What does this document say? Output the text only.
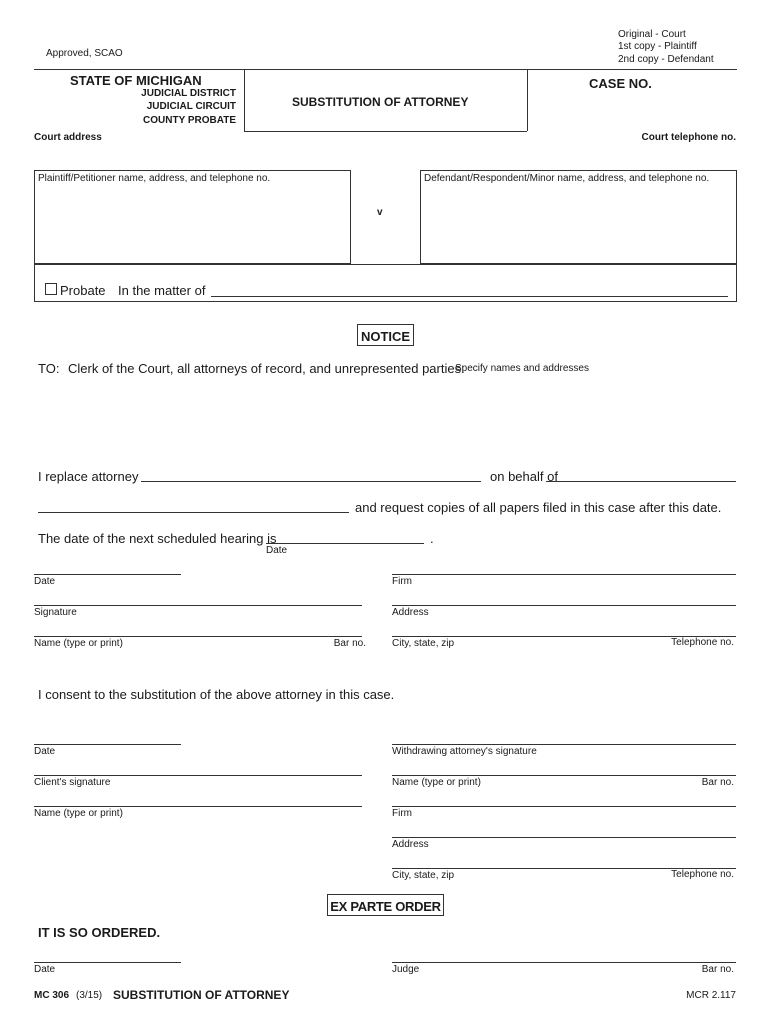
Approved, SCAO
Original - Court
1st copy - Plaintiff
2nd copy - Defendant
STATE OF MICHIGAN
JUDICIAL DISTRICT
JUDICIAL CIRCUIT
COUNTY PROBATE
SUBSTITUTION OF ATTORNEY
CASE NO.
Court address	Court telephone no.
Plaintiff/Petitioner name, address, and telephone no.
v
Defendant/Respondent/Minor name, address, and telephone no.
Probate In the matter of
NOTICE
TO: Clerk of the Court, all attorneys of record, and unrepresented parties:
Specify names and addresses
I replace attorney	on behalf of
and request copies of all papers filed in this case after this date.
The date of the next scheduled hearing is	.
Date
Date	Firm
Signature	Address
Name (type or print)	Bar no.	City, state, zip	Telephone no.
I consent to the substitution of the above attorney in this case.
Date	Withdrawing attorney's signature
Client's signature	Name (type or print)	Bar no.
Name (type or print)	Firm
Address
City, state, zip	Telephone no.
EX PARTE ORDER
IT IS SO ORDERED.
Date	Judge	Bar no.
MC 306 (3/15) SUBSTITUTION OF ATTORNEY	MCR 2.117
